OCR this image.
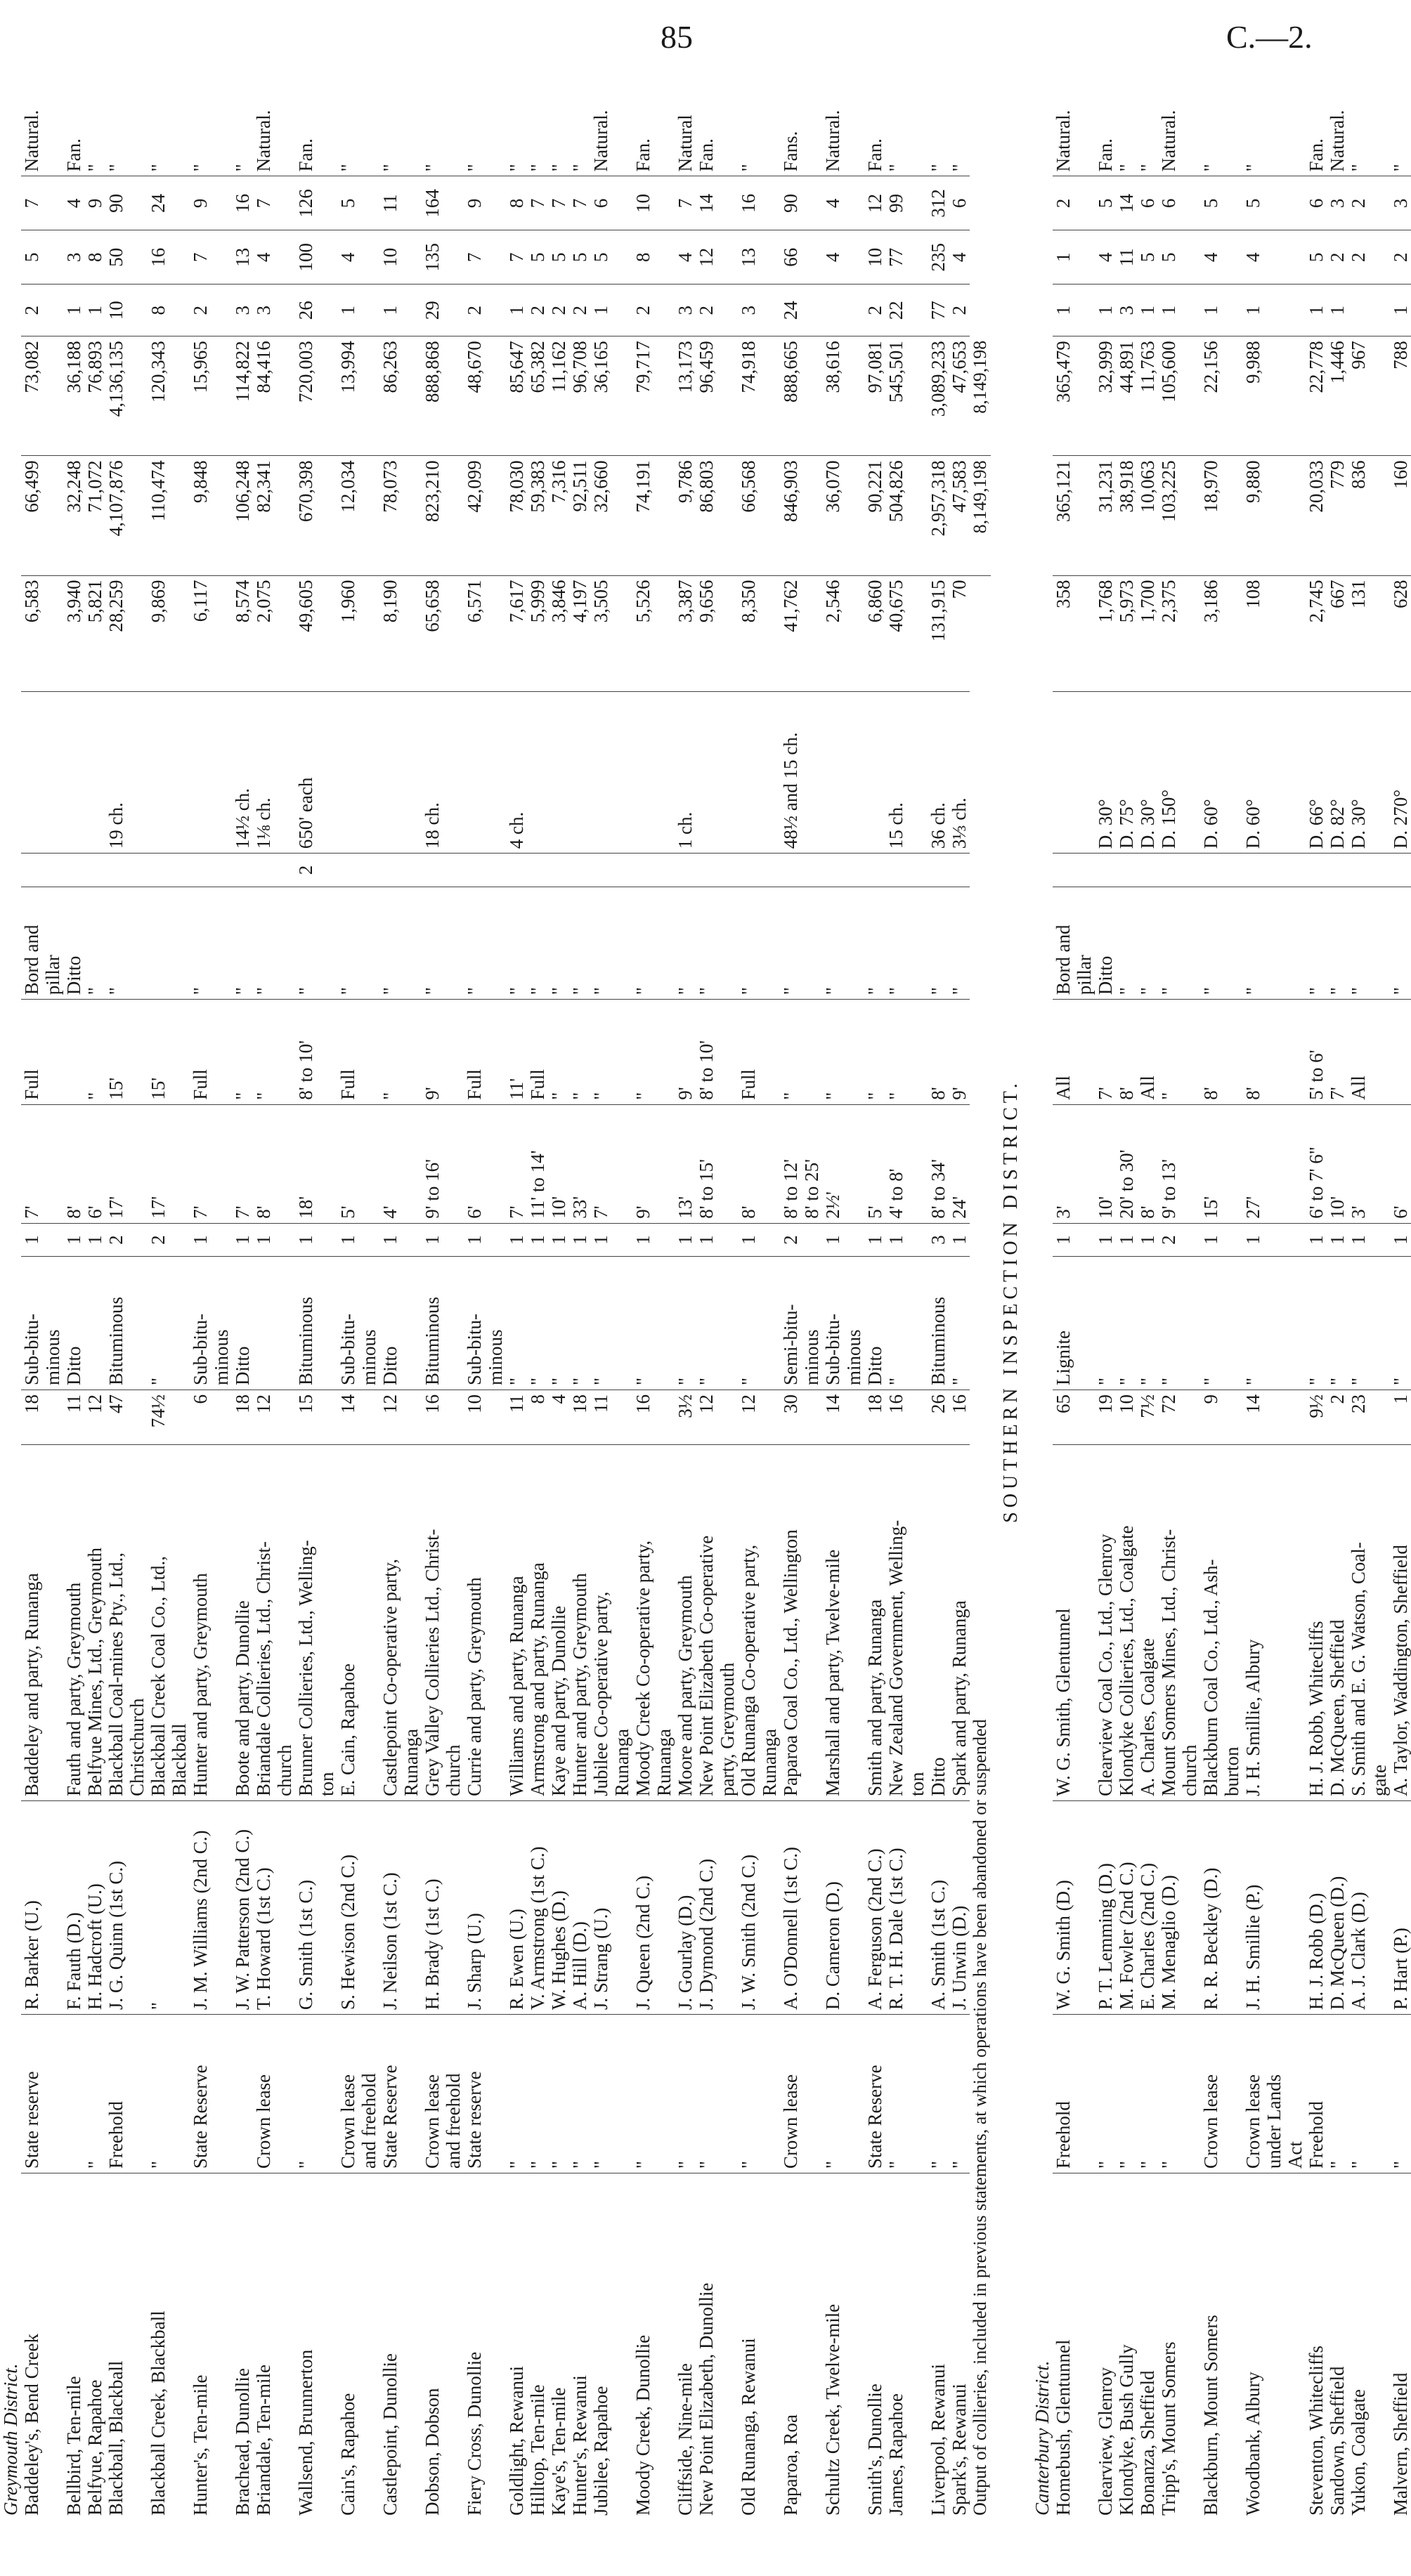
85	C.—2.
Greymouth District.																		
Baddeley's, Bend Creek	State reserve	R. Barker (U.)	Baddeley and party, Runanga	18	Sub-bitu-	1	7'	Full	Bord and			6,583	66,499	73,082	2	5	7	Natural.
					minous				pillar									
Bellbird, Ten-mile		F. Fauth (D.)	Fauth and party, Greymouth	11	Ditto	1	8'		Ditto			3,940	32,248	36,188	1	3	4	Fan.
Belfyue, Rapahoe	"	H. Hadcroft (U.)	Belfyue Mines, Ltd., Greymouth	12		1	6'	"	"			5,821	71,072	76,893	1	8	9	"
Blackball, Blackball	Freehold	J. G. Quinn (1st C.)	Blackball Coal-mines Pty., Ltd.,	47	Bituminous	2	17'	15'	"		19 ch.	28,259	4,107,876	4,136,135	10	50	90	"
			Christchurch															
Blackball Creek, Blackball	"	"	Blackball Creek Coal Co., Ltd.,	74½	"	2	17'	15'				9,869	110,474	120,343	8	16	24	"
			Blackball															
Hunter's, Ten-mile	State Reserve	J. M. Williams (2nd C.)	Hunter and party, Greymouth	6	Sub-bitu-	1	7'	Full	"			6,117	9,848	15,965	2	7	9	"
					minous													
Brachead, Dunollie		J. W. Patterson (2nd C.)	Boote and party, Dunollie	18	Ditto	1	7'	"	"		14½ ch.	8,574	106,248	114,822	3	13	16	"
Briandale, Ten-mile	Crown lease	T. Howard (1st C.)	Briandale Collieries, Ltd., Christ-	12		1	8'	"	"		1⅛ ch.	2,075	82,341	84,416	3	4	7	Natural.
			church															
Wallsend, Brunnerton	"	G. Smith (1st C.)	Brunner Collieries, Ltd., Welling-	15	Bituminous	1	18'	8' to 10'	"	2	650' each	49,605	670,398	720,003	26	100	126	Fan.
			ton															
Cain's, Rapahoe	Crown lease	S. Hewison (2nd C.)	E. Cain, Rapahoe	14	Sub-bitu-	1	5'	Full	"			1,960	12,034	13,994	1	4	5	"
	and freehold				minous													
Castlepoint, Dunollie	State Reserve	J. Neilson (1st C.)	Castlepoint Co-operative party,	12	Ditto	1	4'	"	"			8,190	78,073	86,263	1	10	11	"
			Runanga															
Dobson, Dobson	Crown lease	H. Brady (1st C.)	Grey Valley Collieries Ltd., Christ-	16	Bituminous	1	9' to 16'	9'	"		18 ch.	65,658	823,210	888,868	29	135	164	"
	and freehold		church															
Fiery Cross, Dunollie	State reserve	J. Sharp (U.)	Currie and party, Greymouth	10	Sub-bitu-	1	6'	Full	"			6,571	42,099	48,670	2	7	9	"
					minous													
Goldlight, Rewanui	"	R. Ewen (U.)	Williams and party, Runanga	11	"	1	7'	11'	"		4 ch.	7,617	78,030	85,647	1	7	8	"
Hilltop, Ten-mile	"	V. Armstrong (1st C.)	Armstrong and party, Runanga	8	"	1	11' to 14'	Full	"			5,999	59,383	65,382	2	5	7	"
Kaye's, Ten-mile	"	W. Hughes (D.)	Kaye and party, Dunollie	4	"	1	10'	"	"			3,846	7,316	11,162	2	5	7	"
Hunter's, Rewanui	"	A. Hill (D.)	Hunter and party, Greymouth	18	"	1	33'	"	"			4,197	92,511	96,708	2	5	7	"
Jubilee, Rapahoe	"	J. Strang (U.)	Jubilee Co-operative party,	11	"	1	7'	"	"			3,505	32,660	36,165	1	5	6	Natural.
			Runanga															
Moody Creek, Dunollie	"	J. Queen (2nd C.)	Moody Creek Co-operative party,	16	"	1	9'	"	"			5,526	74,191	79,717	2	8	10	Fan.
			Runanga															
Cliffside, Nine-mile	"	J. Gourlay (D.)	Moore and party, Greymouth	3½	"	1	13'	9'	"		1 ch.	3,387	9,786	13,173	3	4	7	Natural
New Point Elizabeth, Dunollie	"	J. Dymond (2nd C.)	New Point Elizabeth Co-operative	12	"	1	8' to 15'	8' to 10'	"			9,656	86,803	96,459	2	12	14	Fan.
			party, Greymouth															
Old Runanga, Rewanui	"	J. W. Smith (2nd C.)	Old Runanga Co-operative party,	12	"	1	8'	Full	"			8,350	66,568	74,918	3	13	16	"
			Runanga															
Paparoa, Roa	Crown lease	A. O'Donnell (1st C.)	Paparoa Coal Co., Ltd., Wellington	30	Semi-bitu-	2	8' to 12'	"	"		48½ and 15 ch.	41,762	846,903	888,665	24	66	90	Fans.
					minous		8' to 25'											
Schultz Creek, Twelve-mile	"	D. Cameron (D.)	Marshall and party, Twelve-mile	14	Sub-bitu-	1	2½'	"	"			2,546	36,070	38,616		4	4	Natural.
					minous													
Smith's, Dunollie	State Reserve	A. Ferguson (2nd C.)	Smith and party, Runanga	18	Ditto	1	5'	"	"			6,860	90,221	97,081	2	10	12	Fan.
James, Rapahoe	"	R. T. H. Dale (1st C.)	New Zealand Government, Welling-	16	"	1	4' to 8'	"	"		15 ch.	40,675	504,826	545,501	22	77	99	"
			ton															
Liverpool, Rewanui	"	A. Smith (1st C.)	Ditto	26	Bituminous	3	8' to 34'	8'	"		36 ch.	131,915	2,957,318	3,089,233	77	235	312	"
Spark's, Rewanui	"	J. Unwin (D.)	Spark and party, Runanga	16	"	1	24'	9'	"		3⅓ ch.	70	47,583	47,653	2	4	6	"
Output of collieries, included in previous statements, at which operations have been abandoned or suspended													8,149,198	8,149,198				
SOUTHERN INSPECTION DISTRICT.																		
Canterbury District.																		
Homebush, Glentunnel	Freehold	W. G. Smith (D.)	W. G. Smith, Glentunnel	65	Lignite	1	3'	All	Bord and			358	365,121	365,479	1	1	2	Natural.
									pillar									
Clearview, Glenroy	"	P. T. Lemming (D.)	Clearview Coal Co., Ltd., Glenroy	19	"	1	10'	7'	Ditto		D. 30°	1,768	31,231	32,999	1	4	5	Fan.
Klondyke, Bush Gully	"	M. Fowler (2nd C.)	Klondyke Collieries, Ltd., Coalgate	10	"	1	20' to 30'	8'	"		D. 75°	5,973	38,918	44,891	3	11	14	"
Bonanza, Sheffield	"	E. Charles (2nd C.)	A. Charles, Coalgate	7½	"	1	8'	All	"		D. 30°	1,700	10,063	11,763	1	5	6	"
Tripp's, Mount Somers	"	M. Menaglio (D.)	Mount Somers Mines, Ltd., Christ-	72	"	2	9' to 13'	"	"		D. 150°	2,375	103,225	105,600	1	5	6	Natural.
			church															
Blackburn, Mount Somers	Crown lease	R. R. Beckley (D.)	Blackburn Coal Co., Ltd., Ash-	9	"	1	15'	8'	"		D. 60°	3,186	18,970	22,156	1	4	5	"
			burton															
Woodbank, Albury	Crown lease	J. H. Smillie (P.)	J. H. Smillie, Albury	14	"	1	27'	8'	"		D. 60°	108	9,880	9,988	1	4	5	"
	under Lands																	
	Act																	
Steventon, Whitecliffs	Freehold	H. J. Robb (D.)	H. J. Robb, Whitecliffs	9½	"	1	6' to 7' 6"	5' to 6'	"		D. 66°	2,745	20,033	22,778	1	5	6	Fan.
Sandown, Sheffield	"	D. McQueen (D.)	D. McQueen, Sheffield	2	"	1	10'	7'	"		D. 82°	667	779	1,446	1	2	3	Natural.
Yukon, Coalgate	"	A. J. Clark (D.)	S. Smith and E. G. Watson, Coal-	23	"	1	3'	All	"		D. 30°	131	836	967		2	2	"
			gate															
Malvern, Sheffield	"	P. Hart (P.)	A. Taylor, Waddington, Sheffield	1	"	1	6'		"		D. 270°	628	160	788	1	2	3	"
